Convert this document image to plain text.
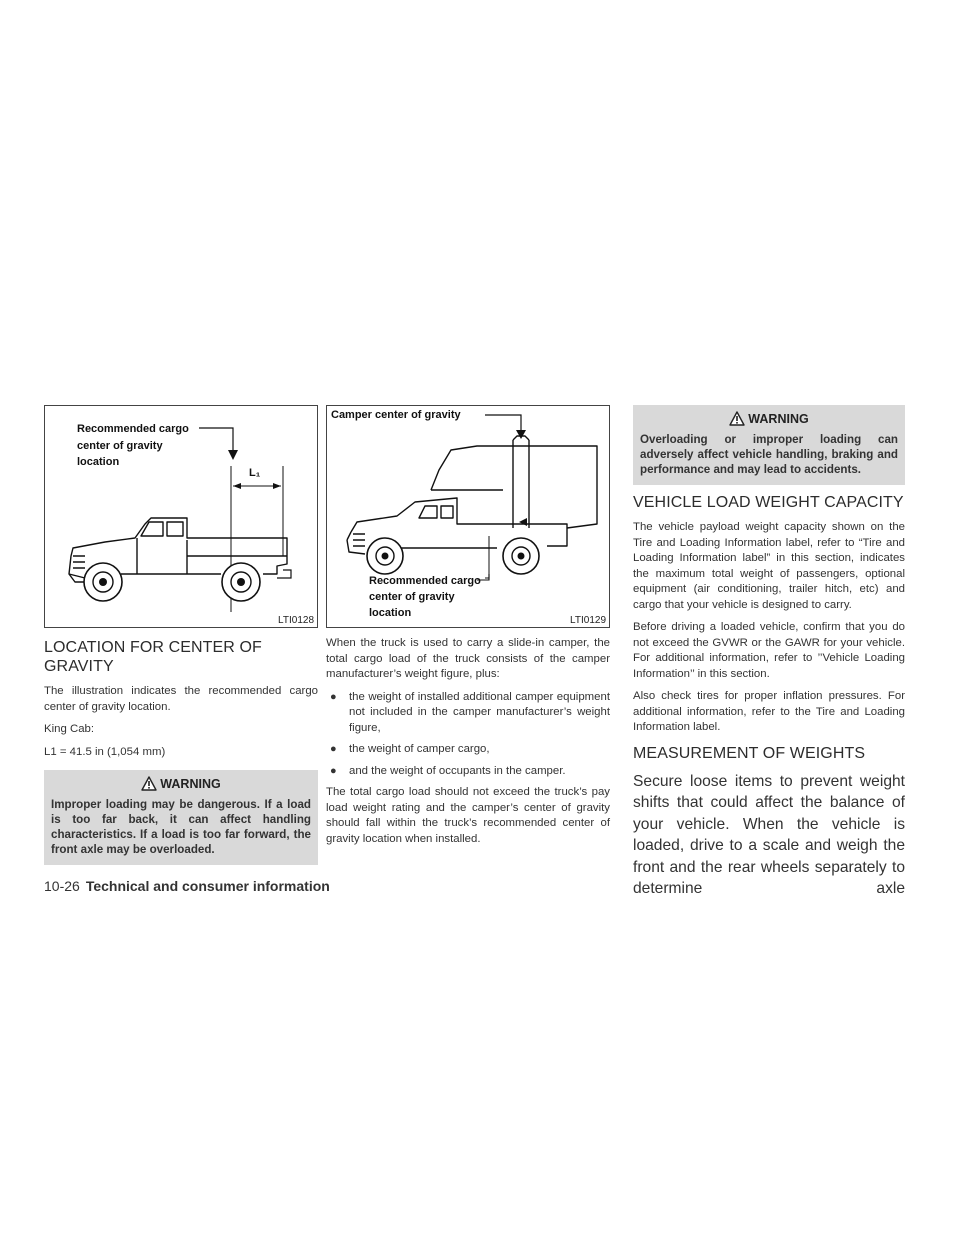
Recommended cargo
center of gravity
location
L₁
LTI0128
LOCATION FOR CENTER OF GRAVITY

The illustration indicates the recommended cargo center of gravity location.

King Cab:

L1 = 41.5 in (1,054 mm)

WARNING

Improper loading may be dangerous. If a load is too far back, it can affect handling characteristics. If a load is too far forward, the front axle may be overloaded.

Camper center of gravity
Recommended cargo
center of gravity
location
LTI0129

When the truck is used to carry a slide-in camper, the total cargo load of the truck consists of the camper manufacturer’s weight figure, plus:

● the weight of installed additional camper equipment not included in the camper manufacturer’s weight figure,
● the weight of camper cargo,
● and the weight of occupants in the camper.

The total cargo load should not exceed the truck’s pay load weight rating and the camper’s center of gravity should fall within the truck’s recommended center of gravity location when installed.

WARNING

Overloading or improper loading can adversely affect vehicle handling, braking and performance and may lead to accidents.

VEHICLE LOAD WEIGHT CAPACITY

The vehicle payload weight capacity shown on the Tire and Loading Information label, refer to “Tire and Loading Information label” in this section, indicates the maximum total weight of passengers, optional equipment (air conditioning, trailer hitch, etc) and cargo that your vehicle is designed to carry.

Before driving a loaded vehicle, confirm that you do not exceed the GVWR or the GAWR for your vehicle. For additional information, refer to ’’Vehicle Loading Information’’ in this section.

Also check tires for proper inflation pressures. For additional information, refer to the Tire and Loading Information label.

MEASUREMENT OF WEIGHTS

Secure loose items to prevent weight shifts that could affect the balance of your vehicle. When the vehicle is loaded, drive to a scale and weigh the front and the rear wheels separately to determine axle

10-26 Technical and consumer information
